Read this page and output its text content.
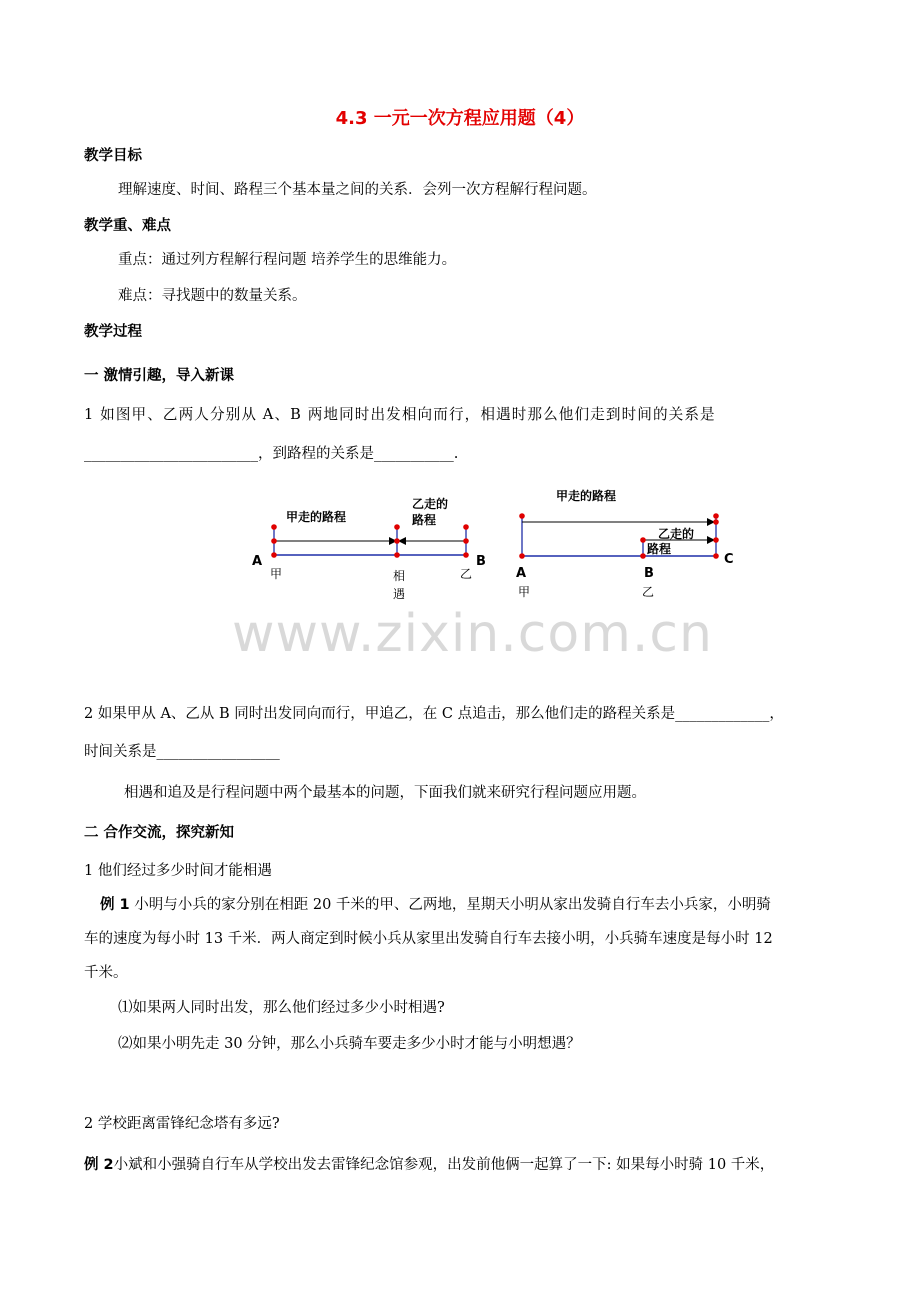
4.3 一元一次方程应用题（4）
教学目标
理解速度、时间、路程三个基本量之间的关系．会列一次方程解行程问题。
教学重、难点
重点：通过列方程解行程问题 培养学生的思维能力。
难点：寻找题中的数量关系。
教学过程
一 激情引趣，导入新课
1 如图甲、乙两人分别从 A、B 两地同时出发相向而行，相遇时那么他们走到时间的关系是
________________________，到路程的关系是___________.
甲走的路程
乙走的
路程
A	B
甲	乙
相
遇
甲走的路程
乙走的
路程
A	B
C
甲	乙
www.zixin.com.cn
2 如果甲从 A、乙从 B 同时出发同向而行，甲追乙，在 C 点追击，那么他们走的路程关系是_____________，
时间关系是_________________
相遇和追及是行程问题中两个最基本的问题，下面我们就来研究行程问题应用题。
二 合作交流，探究新知
1 他们经过多少时间才能相遇
例 1 小明与小兵的家分别在相距 20 千米的甲、乙两地，星期天小明从家出发骑自行车去小兵家，小明骑
车的速度为每小时 13 千米．两人商定到时候小兵从家里出发骑自行车去接小明，小兵骑车速度是每小时 12
千米。
⑴如果两人同时出发，那么他们经过多少小时相遇?
⑵如果小明先走 30 分钟，那么小兵骑车要走多少小时才能与小明想遇？
2 学校距离雷锋纪念塔有多远?
例 2小斌和小强骑自行车从学校出发去雷锋纪念馆参观，出发前他俩一起算了一下: 如果每小时骑 10 千米，
